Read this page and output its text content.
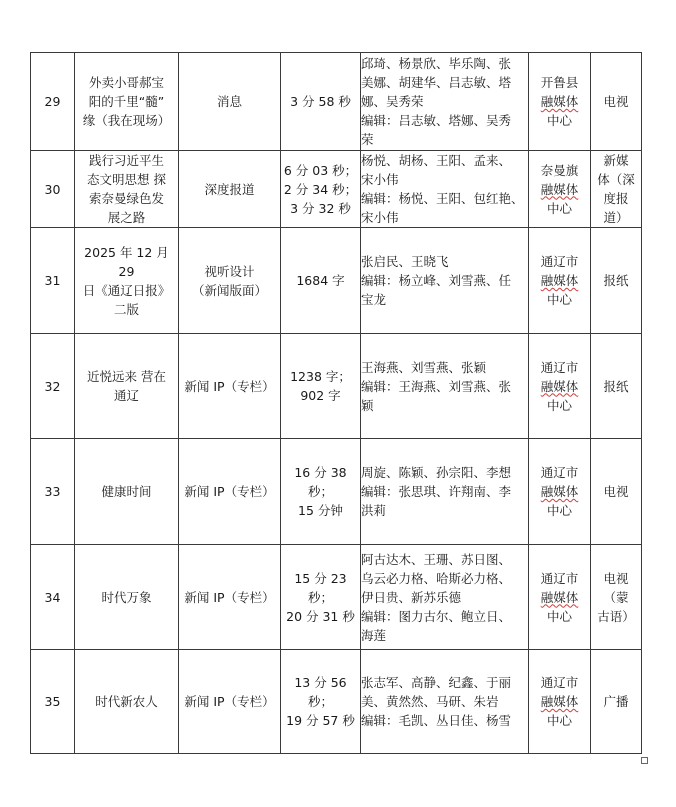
29	外卖小哥郝宝
阳的千里“髓”
缘（我在现场）	消息	3 分 58 秒	邱琦、杨景欣、毕乐陶、张
美娜、胡建华、吕志敏、塔
娜、吴秀荣
编辑：吕志敏、塔娜、吴秀
荣	开鲁县
融媒体
中心	电视

30	践行习近平生
态文明思想 探
索奈曼绿色发
展之路	深度报道	6 分 03 秒；
2 分 34 秒；
3 分 32 秒	杨悦、胡杨、王阳、孟来、
宋小伟
编辑：杨悦、王阳、包红艳、
宋小伟	奈曼旗
融媒体
中心	新媒
体（深
度报
道）

31	2025 年 12 月 29
日《通辽日报》
二版	视听设计
（新闻版面）	1684 字	张启民、王晓飞
编辑：杨立峰、刘雪燕、任
宝龙	通辽市
融媒体
中心	报纸

32	近悦远来 营在
通辽	新闻 IP（专栏）	1238 字；
902 字	王海燕、刘雪燕、张颖
编辑：王海燕、刘雪燕、张
颖	通辽市
融媒体
中心	报纸

33	健康时间	新闻 IP（专栏）	16 分 38 秒；
15 分钟	周旋、陈颖、孙宗阳、李想
编辑：张思琪、许翔南、李
洪莉	通辽市
融媒体
中心	电视

34	时代万象	新闻 IP（专栏）	15 分 23 秒；
20 分 31 秒	阿古达木、王珊、苏日图、
乌云必力格、哈斯必力格、
伊日贵、新苏乐德
编辑：图力古尔、鲍立日、
海莲	通辽市
融媒体
中心	电视
（蒙
古语）

35	时代新农人	新闻 IP（专栏）	13 分 56 秒；
19 分 57 秒	张志军、高静、纪鑫、于丽
美、黄然然、马研、朱岩
编辑：毛凯、丛日佳、杨雪	通辽市
融媒体
中心	广播
